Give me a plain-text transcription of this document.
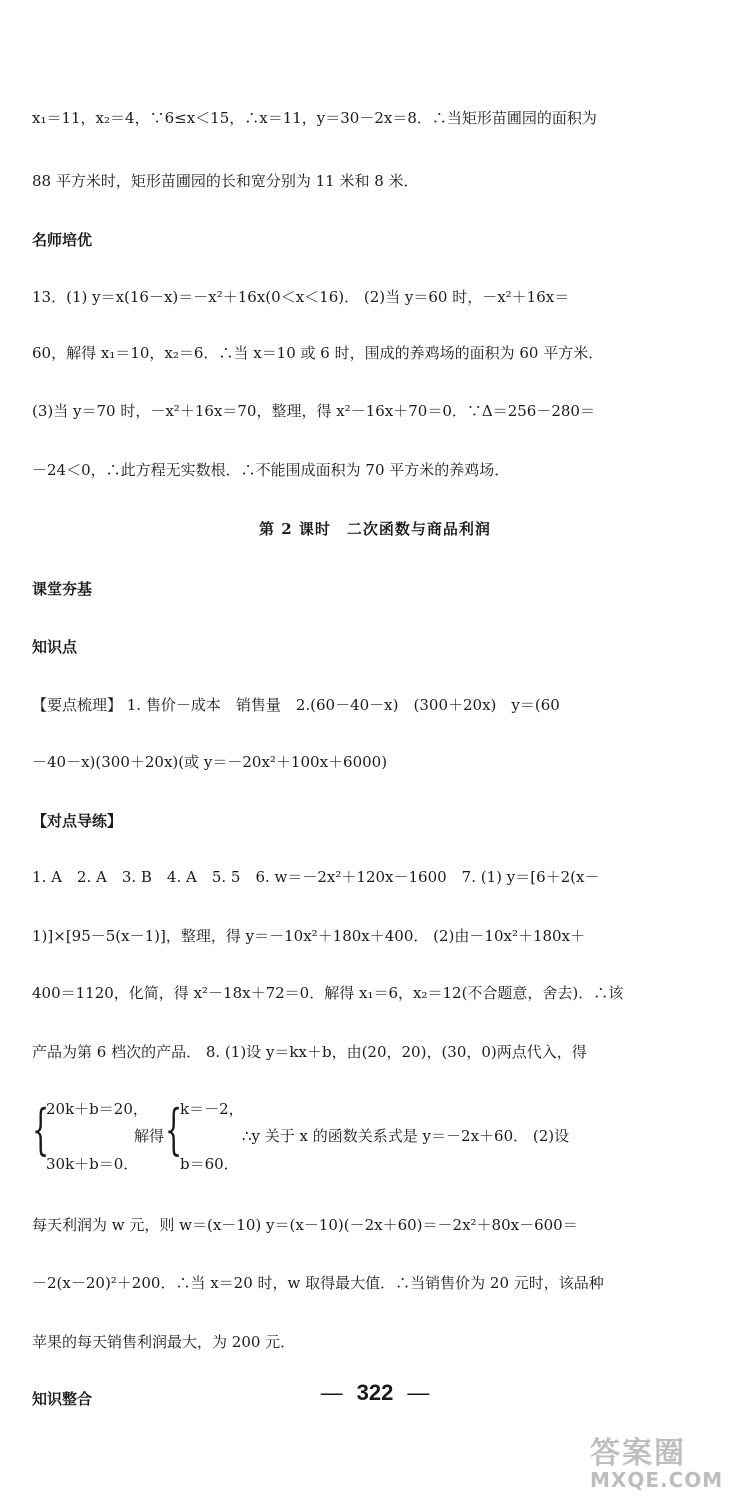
x₁＝11，x₂＝4，∵6≤x＜15，∴x＝11，y＝30－2x＝8．∴当矩形苗圃园的面积为
88 平方米时，矩形苗圃园的长和宽分别为 11 米和 8 米．
名师培优
13．(1) y＝x(16－x)＝－x²＋16x(0＜x＜16)． (2)当 y＝60 时，－x²＋16x＝
60，解得 x₁＝10，x₂＝6．∴当 x＝10 或 6 时，围成的养鸡场的面积为 60 平方米．
(3)当 y＝70 时，－x²＋16x＝70，整理，得 x²－16x＋70＝0．∵Δ＝256－280＝
－24＜0，∴此方程无实数根．∴不能围成面积为 70 平方米的养鸡场．
第 2 课时　二次函数与商品利润
课堂夯基
知识点
【要点梳理】 1. 售价－成本　销售量　2.(60－40－x)　(300＋20x)　y＝(60
－40－x)(300＋20x)(或 y＝－20x²＋100x＋6000)
【对点导练】
1. A　2. A　3. B　4. A　5. 5　6. w＝－2x²＋120x－1600　7. (1) y＝[6＋2(x－
1)]×[95－5(x－1)]，整理，得 y＝－10x²＋180x＋400． (2)由－10x²＋180x＋
400＝1120，化简，得 x²－18x＋72＝0．解得 x₁＝6，x₂＝12(不合题意，舍去)．∴该
产品为第 6 档次的产品． 8. (1)设 y＝kx＋b，由(20，20)，(30，0)两点代入，得
{
20k＋b＝20，
30k＋b＝0．
解得 {
k＝－2，
b＝60．
∴y 关于 x 的函数关系式是 y＝－2x＋60． (2)设
每天利润为 w 元，则 w＝(x－10) y＝(x－10)(－2x＋60)＝－2x²＋80x－600＝
－2(x－20)²＋200．∴当 x＝20 时，w 取得最大值．∴当销售价为 20 元时，该品种
苹果的每天销售利润最大，为 200 元．
知识整合	— 322 —
答案圈
MXQE.COM
